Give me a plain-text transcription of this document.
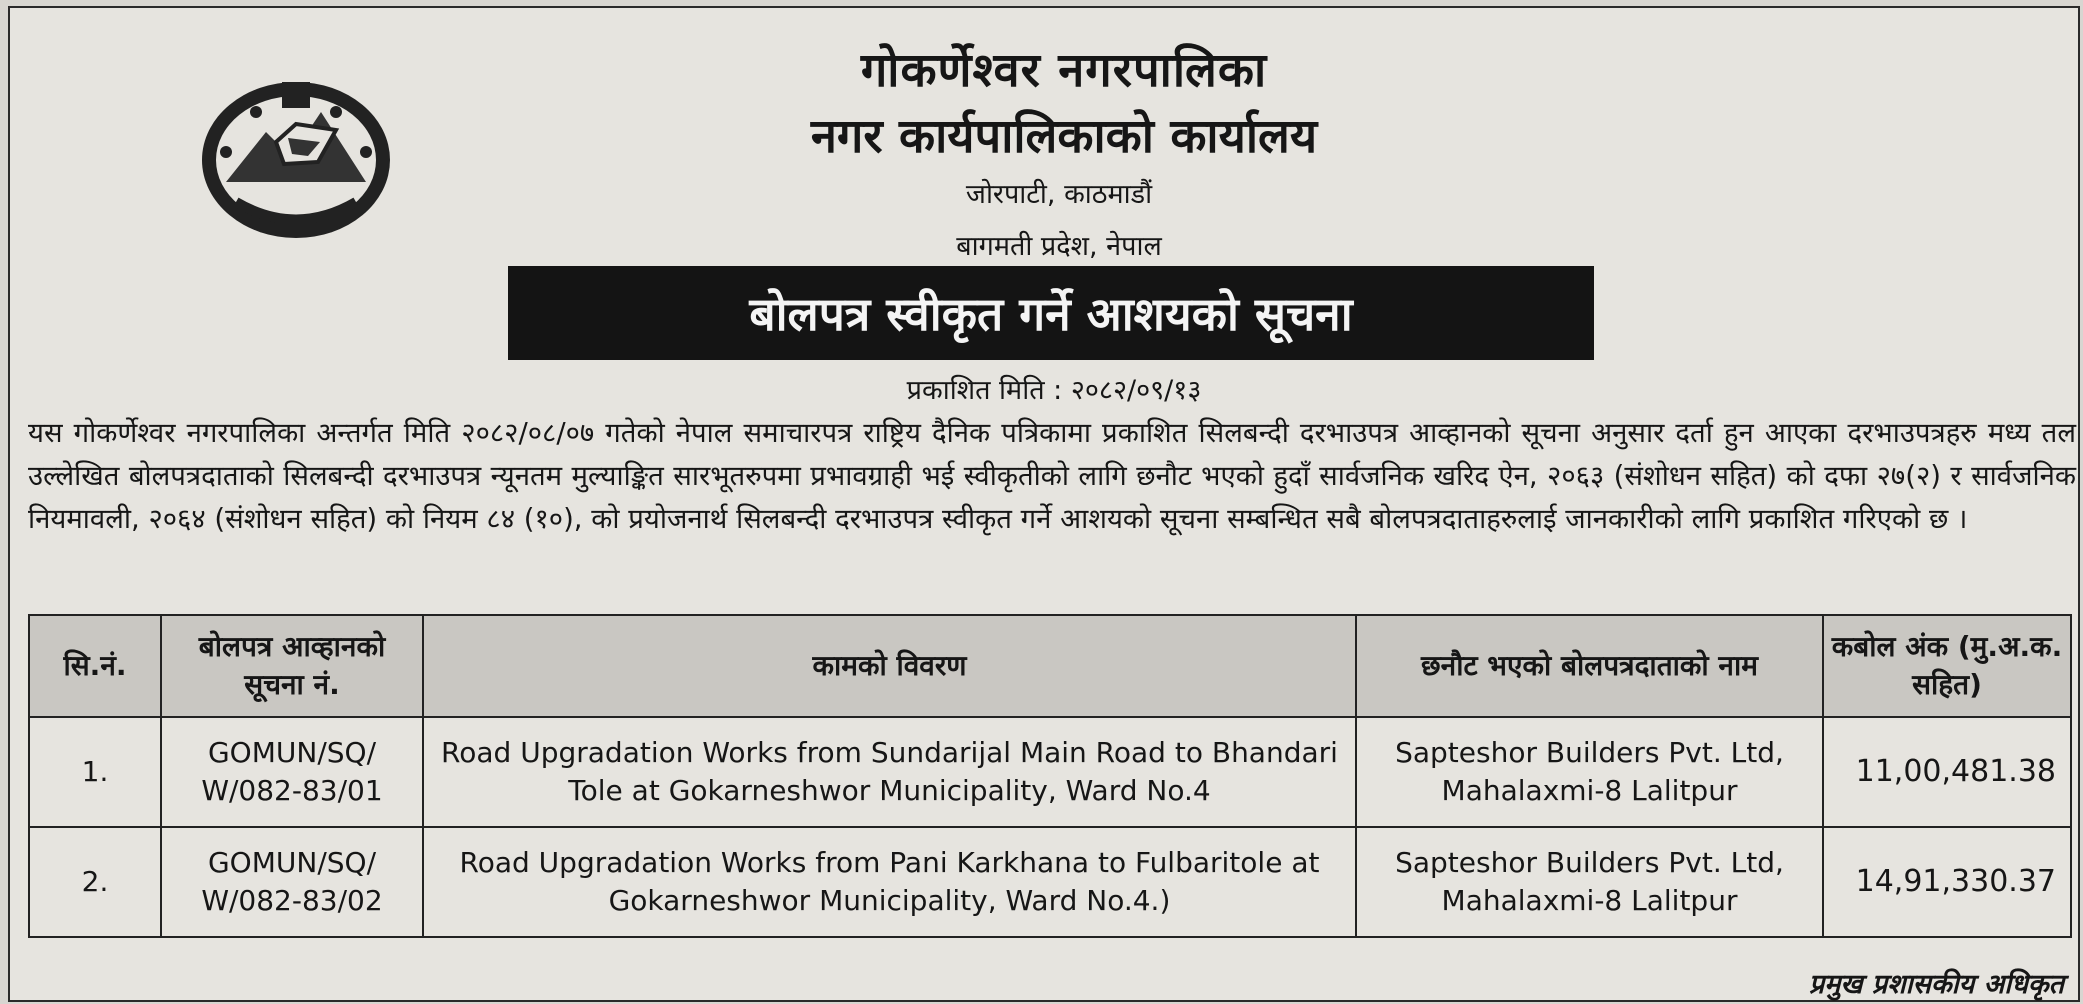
गोकर्णेश्वर नगरपालिका
नगर कार्यपालिकाको कार्यालय
जोरपाटी, काठमाडौं
बागमती प्रदेश, नेपाल
बोलपत्र स्वीकृत गर्ने आशयको सूचना
प्रकाशित मिति : २०८२/०९/१३
यस गोकर्णेश्वर नगरपालिका अन्तर्गत मिति २०८२/०८/०७ गतेको नेपाल समाचारपत्र राष्ट्रिय दैनिक पत्रिकामा प्रकाशित सिलबन्दी दरभाउपत्र आव्हानको सूचना अनुसार दर्ता हुन आएका दरभाउपत्रहरु मध्य तल उल्लेखित बोलपत्रदाताको सिलबन्दी दरभाउपत्र न्यूनतम मुल्याङ्कित सारभूतरुपमा प्रभावग्राही भई स्वीकृतीको लागि छनौट भएको हुदाँ सार्वजनिक खरिद ऐन, २०६३ (संशोधन सहित) को दफा २७(२) र सार्वजनिक नियमावली, २०६४ (संशोधन सहित) को नियम ८४ (१०), को प्रयोजनार्थ सिलबन्दी दरभाउपत्र स्वीकृत गर्ने आशयको सूचना सम्बन्धित सबै बोलपत्रदाताहरुलाई जानकारीको लागि प्रकाशित गरिएको छ ।
सि.नं.	बोलपत्र आव्हानको सूचना नं.	कामको विवरण	छनौट भएको बोलपत्रदाताको नाम	कबोल अंक (मु.अ.क. सहित)
1.	GOMUN/SQ/ W/082-83/01	Road Upgradation Works from Sundarijal Main Road to Bhandari Tole at Gokarneshwor Municipality, Ward No.4	Sapteshor Builders Pvt. Ltd, Mahalaxmi-8 Lalitpur	11,00,481.38
2.	GOMUN/SQ/ W/082-83/02	Road Upgradation Works from Pani Karkhana to Fulbaritole at Gokarneshwor Municipality, Ward No.4.)	Sapteshor Builders Pvt. Ltd, Mahalaxmi-8 Lalitpur	14,91,330.37
प्रमुख प्रशासकीय अधिकृत
